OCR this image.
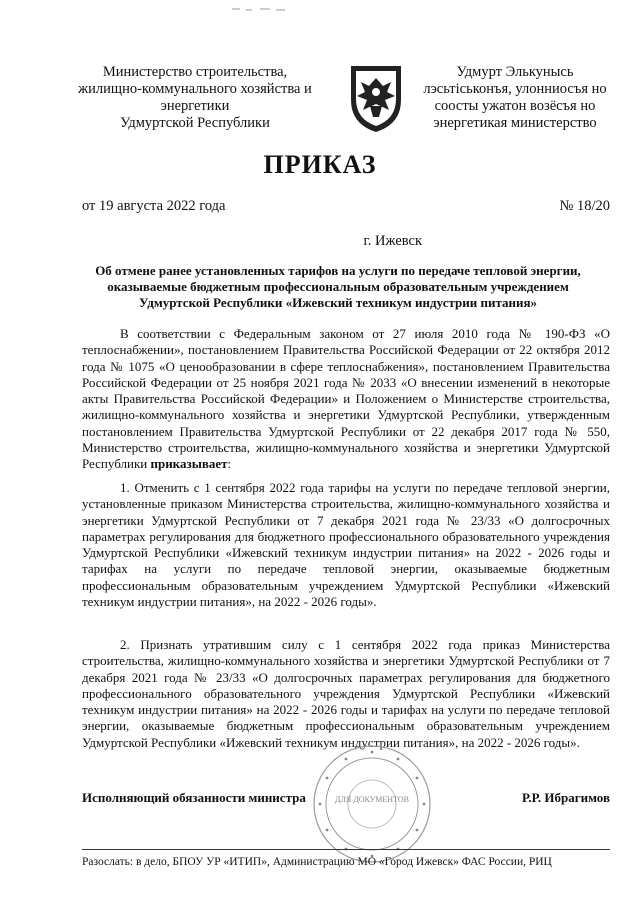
Министерство строительства,
жилищно-коммунального хозяйства и
энергетики
Удмуртской Республики
Удмурт Элькунысь
лэсьтiськонъя, улонниосъя но
соосты ужатон возёсъя но
энергетикая министерство
ПРИКАЗ
от 19 августа 2022 года	№ 18/20
г. Ижевск
Об отмене ранее установленных тарифов на услуги по передаче тепловой энергии, оказываемые бюджетным профессиональным образовательным учреждением Удмуртской Республики «Ижевский техникум индустрии питания»
В соответствии с Федеральным законом от 27 июля 2010 года № 190-ФЗ «О теплоснабжении», постановлением Правительства Российской Федерации от 22 октября 2012 года № 1075 «О ценообразовании в сфере теплоснабжения», постановлением Правительства Российской Федерации от 25 ноября 2021 года № 2033 «О внесении изменений в некоторые акты Правительства Российской Федерации» и Положением о Министерстве строительства, жилищно-коммунального хозяйства и энергетики Удмуртской Республики, утвержденным постановлением Правительства Удмуртской Республики от 22 декабря 2017 года № 550, Министерство строительства, жилищно-коммунального хозяйства и энергетики Удмуртской Республики приказывает:
1. Отменить с 1 сентября 2022 года тарифы на услуги по передаче тепловой энергии, установленные приказом Министерства строительства, жилищно-коммунального хозяйства и энергетики Удмуртской Республики от 7 декабря 2021 года № 23/33 «О долгосрочных параметрах регулирования для бюджетного профессионального образовательного учреждения Удмуртской Республики «Ижевский техникум индустрии питания» на 2022 - 2026 годы и тарифах на услуги по передаче тепловой энергии, оказываемые бюджетным профессиональным образовательным учреждением Удмуртской Республики «Ижевский техникум индустрии питания», на 2022 - 2026 годы».
2. Признать утратившим силу с 1 сентября 2022 года приказ Министерства строительства, жилищно-коммунального хозяйства и энергетики Удмуртской Республики от 7 декабря 2021 года № 23/33 «О долгосрочных параметрах регулирования для бюджетного профессионального образовательного учреждения Удмуртской Республики «Ижевский техникум индустрии питания» на 2022 - 2026 годы и тарифах на услуги по передаче тепловой энергии, оказываемые бюджетным профессиональным образовательным учреждением Удмуртской Республики «Ижевский техникум индустрии питания», на 2022 - 2026 годы».
ДЛЯ ДОКУМЕНТОВ
Исполняющий обязанности министра	Р.Р. Ибрагимов
Разослать: в дело, БПОУ УР «ИТИП», Администрацию МО «Город Ижевск» ФАС России, РИЦ
